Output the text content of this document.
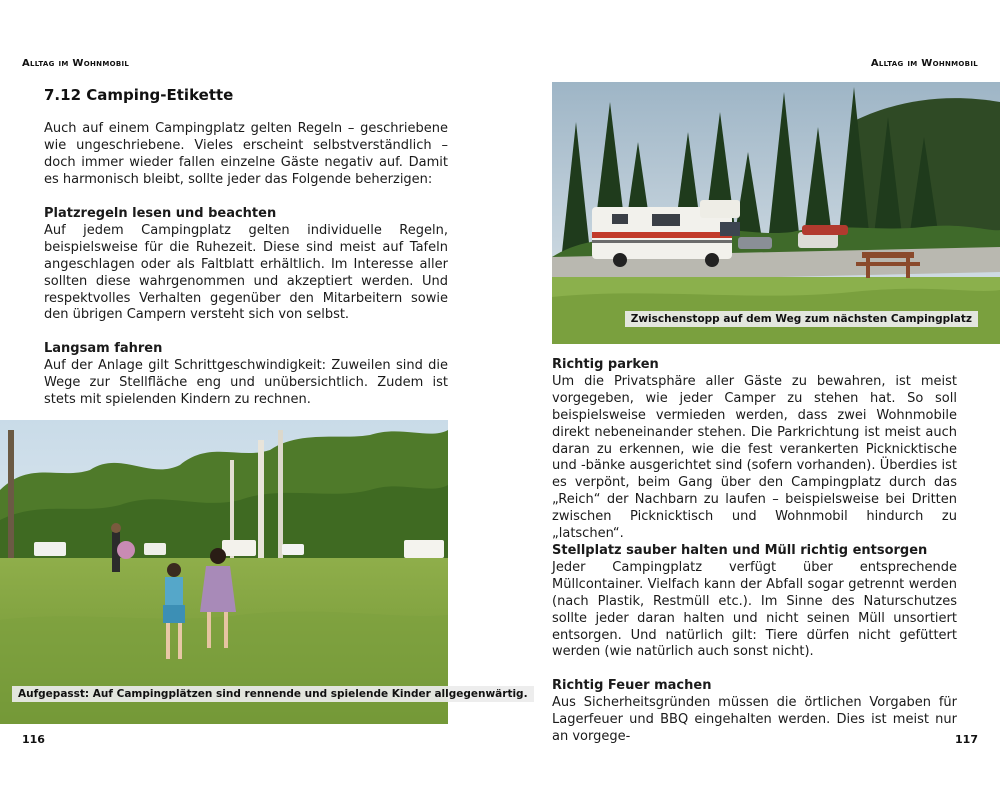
Alltag im Wohnmobil
7.12 Camping-Etikette

Auch auf einem Campingplatz gelten Regeln – geschriebene wie ungeschriebene. Vieles erscheint selbstverständlich – doch immer wieder fallen einzelne Gäste negativ auf. Damit es harmonisch bleibt, sollte jeder das Folgende beherzigen:

Platzregeln lesen und beachten

Auf jedem Campingplatz gelten individuelle Regeln, beispielsweise für die Ruhezeit. Diese sind meist auf Tafeln angeschlagen oder als Faltblatt erhältlich. Im Interesse aller sollten diese wahrgenommen und akzeptiert werden. Und respektvolles Verhalten gegenüber den Mitarbeitern sowie den übrigen Campern versteht sich von selbst.

Langsam fahren

Auf der Anlage gilt Schrittgeschwindigkeit: Zuweilen sind die Wege zur Stellfläche eng und unübersichtlich. Zudem ist stets mit spielenden Kindern zu rechnen.

Aufgepasst: Auf Campingplätzen sind rennende und spielende Kinder allgegenwärtig.
116
Alltag im Wohnmobil
Zwischenstopp auf dem Weg zum nächsten Campingplatz
Richtig parken

Um die Privatsphäre aller Gäste zu bewahren, ist meist vorgegeben, wie jeder Camper zu stehen hat. So soll beispielsweise vermieden werden, dass zwei Wohnmobile direkt nebeneinander stehen. Die Parkrichtung ist meist auch daran zu erkennen, wie die fest verankerten Picknicktische und -bänke ausgerichtet sind (sofern vorhanden). Überdies ist es verpönt, beim Gang über den Campingplatz durch das „Reich“ der Nachbarn zu laufen – beispielsweise bei Dritten zwischen Picknicktisch und Wohnmobil hindurch zu „latschen“.

Stellplatz sauber halten und Müll richtig entsorgen

Jeder Campingplatz verfügt über entsprechende Müllcontainer. Vielfach kann der Abfall sogar getrennt werden (nach Plastik, Restmüll etc.). Im Sinne des Naturschutzes sollte jeder daran halten und nicht seinen Müll unsortiert entsorgen. Und natürlich gilt: Tiere dürfen nicht gefüttert werden (wie natürlich auch sonst nicht).

Richtig Feuer machen

Aus Sicherheitsgründen müssen die örtlichen Vorgaben für Lagerfeuer und BBQ eingehalten werden. Dies ist meist nur an vorgege-	117
